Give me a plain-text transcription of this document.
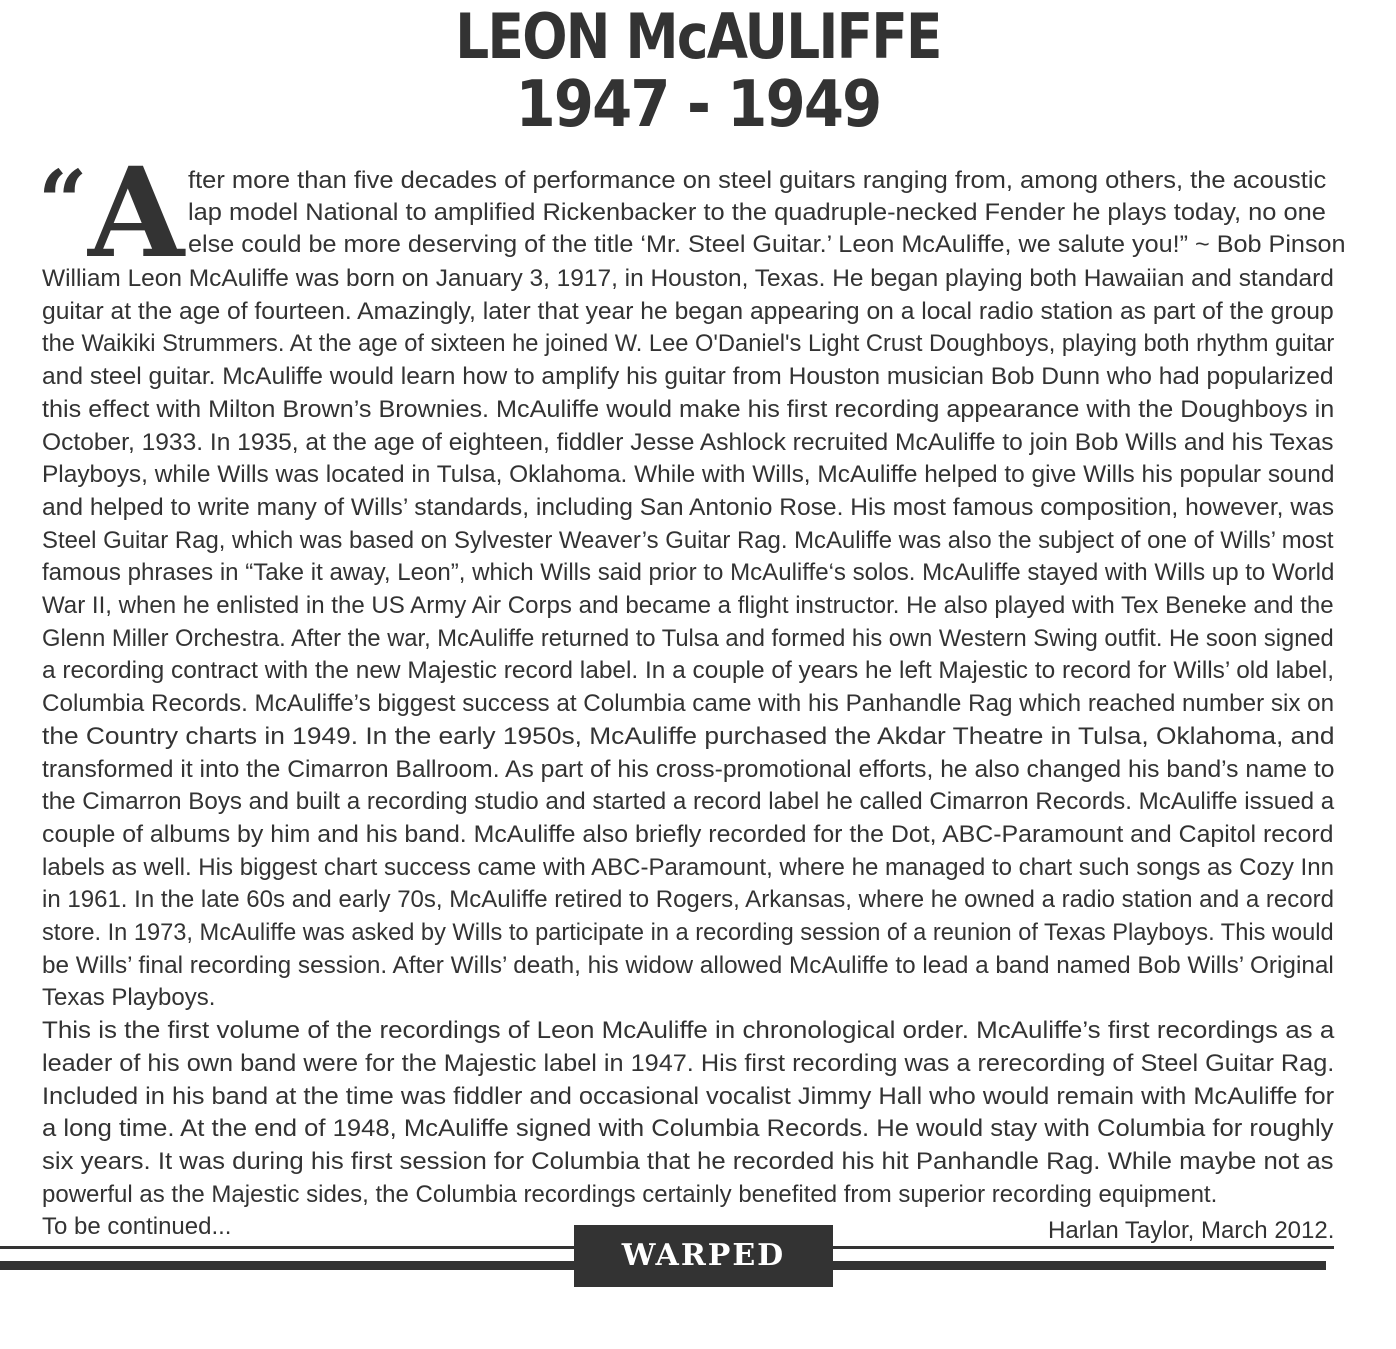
LEON McAULIFFE
1947 - 1949
“ A fter more than five decades of performance on steel guitars ranging from, among others, the acoustic
lap model National to amplified Rickenbacker to the quadruple-necked Fender he plays today, no one
else could be more deserving of the title ‘Mr. Steel Guitar.’ Leon McAuliffe, we salute you!” ~ Bob Pinson
William Leon McAuliffe was born on January 3, 1917, in Houston, Texas. He began playing both Hawaiian and standard
guitar at the age of fourteen. Amazingly, later that year he began appearing on a local radio station as part of the group
the Waikiki Strummers. At the age of sixteen he joined W. Lee O'Daniel's Light Crust Doughboys, playing both rhythm guitar
and steel guitar. McAuliffe would learn how to amplify his guitar from Houston musician Bob Dunn who had popularized
this effect with Milton Brown’s Brownies. McAuliffe would make his first recording appearance with the Doughboys in
October, 1933. In 1935, at the age of eighteen, fiddler Jesse Ashlock recruited McAuliffe to join Bob Wills and his Texas
Playboys, while Wills was located in Tulsa, Oklahoma. While with Wills, McAuliffe helped to give Wills his popular sound
and helped to write many of Wills’ standards, including San Antonio Rose. His most famous composition, however, was
Steel Guitar Rag, which was based on Sylvester Weaver’s Guitar Rag. McAuliffe was also the subject of one of Wills’ most
famous phrases in “Take it away, Leon”, which Wills said prior to McAuliffe‘s solos. McAuliffe stayed with Wills up to World
War II, when he enlisted in the US Army Air Corps and became a flight instructor. He also played with Tex Beneke and the
Glenn Miller Orchestra. After the war, McAuliffe returned to Tulsa and formed his own Western Swing outfit. He soon signed
a recording contract with the new Majestic record label. In a couple of years he left Majestic to record for Wills’ old label,
Columbia Records. McAuliffe’s biggest success at Columbia came with his Panhandle Rag which reached number six on
the Country charts in 1949. In the early 1950s, McAuliffe purchased the Akdar Theatre in Tulsa, Oklahoma, and
transformed it into the Cimarron Ballroom. As part of his cross-promotional efforts, he also changed his band’s name to
the Cimarron Boys and built a recording studio and started a record label he called Cimarron Records. McAuliffe issued a
couple of albums by him and his band. McAuliffe also briefly recorded for the Dot, ABC-Paramount and Capitol record
labels as well. His biggest chart success came with ABC-Paramount, where he managed to chart such songs as Cozy Inn
in 1961. In the late 60s and early 70s, McAuliffe retired to Rogers, Arkansas, where he owned a radio station and a record
store. In 1973, McAuliffe was asked by Wills to participate in a recording session of a reunion of Texas Playboys. This would
be Wills’ final recording session. After Wills’ death, his widow allowed McAuliffe to lead a band named Bob Wills’ Original
Texas Playboys.
This is the first volume of the recordings of Leon McAuliffe in chronological order. McAuliffe’s first recordings as a
leader of his own band were for the Majestic label in 1947. His first recording was a rerecording of Steel Guitar Rag.
Included in his band at the time was fiddler and occasional vocalist Jimmy Hall who would remain with McAuliffe for
a long time. At the end of 1948, McAuliffe signed with Columbia Records. He would stay with Columbia for roughly
six years. It was during his first session for Columbia that he recorded his hit Panhandle Rag. While maybe not as
powerful as the Majestic sides, the Columbia recordings certainly benefited from superior recording equipment.
To be continued...	Harlan Taylor, March 2012.
WARPED 4740
